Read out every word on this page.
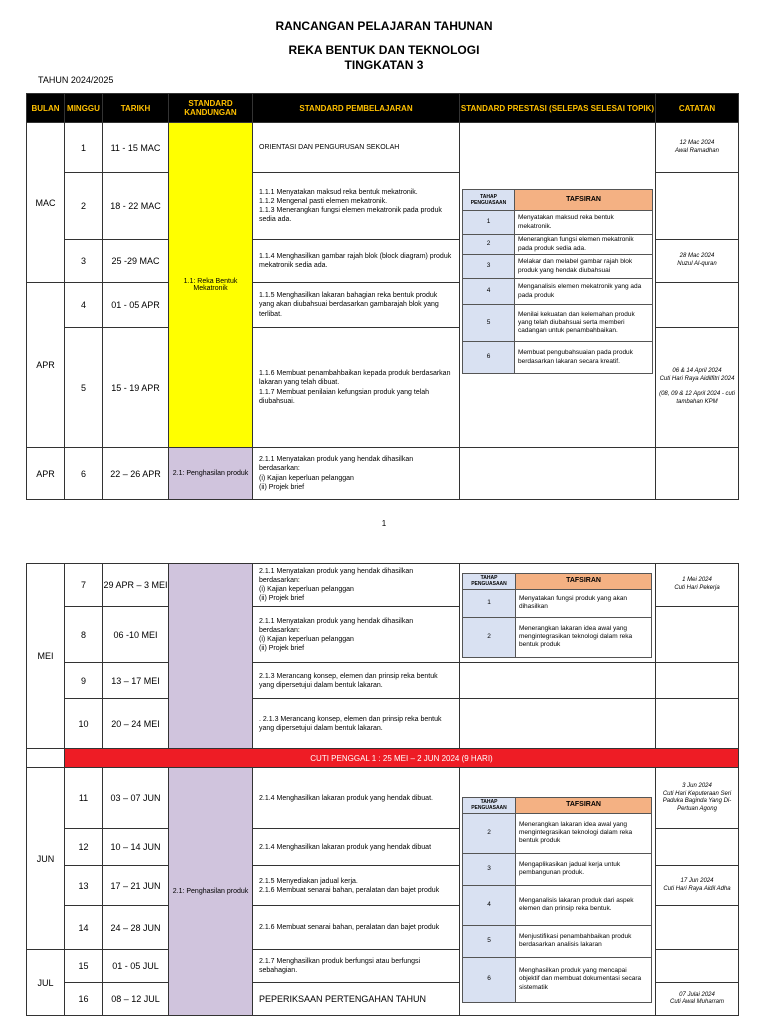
RANCANGAN PELAJARAN TAHUNAN
REKA BENTUK DAN TEKNOLOGI
TINGKATAN 3
TAHUN 2024/2025
BULAN	MINGGU	TARIKH	STANDARD KANDUNGAN	STANDARD PEMBELAJARAN	STANDARD PRESTASI (SELEPAS SELESAI TOPIK)	CATATAN
MAC	1	11 - 15 MAC	1.1: Reka Bentuk Mekatronik	ORIENTASI DAN PENGURUSAN SEKOLAH		12 Mac 2024
Awal Ramadhan
	2	18 - 22 MAC		1.1.1 Menyatakan maksud reka bentuk mekatronik.
1.1.2 Mengenal pasti elemen mekatronik.
1.1.3 Menerangkan fungsi elemen mekatronik pada produk sedia ada.		
	3	25 -29 MAC		1.1.4 Menghasilkan gambar rajah blok (block diagram) produk mekatronik sedia ada.		28 Mac 2024
Nuzul Al-quran
APR	4	01 - 05 APR		1.1.5 Menghasilkan lakaran bahagian reka bentuk produk yang akan diubahsuai berdasarkan gambarajah blok yang terlibat.		
	5	15 - 19 APR		1.1.6 Membuat penambahbaikan kepada produk berdasarkan lakaran yang telah dibuat.
1.1.7 Membuat penilaian kefungsian produk yang telah diubahsuai.		06 & 14 April 2024
Cuti Hari Raya Aidilfitri 2024

(08, 09 & 12 April 2024 - cuti tambahan KPM
APR	6	22 – 26 APR	2.1: Penghasilan produk	2.1.1 Menyatakan produk yang hendak dihasilkan berdasarkan:
(i) Kajian keperluan pelanggan
(ii) Projek brief		
TAHAP PENGUASAAN	TAFSIRAN
1	Menyatakan maksud reka bentuk mekatronik.
2	Menerangkan fungsi elemen mekatronik pada produk sedia ada.
3	Melakar dan melabel gambar rajah blok produk yang hendak diubahsuai
4	Menganalisis elemen mekatronik yang ada pada produk
5	Menilai kekuatan dan kelemahan produk yang telah diubahsuai serta memberi cadangan untuk penambahbaikan.
6	Membuat pengubahsuaian pada produk berdasarkan lakaran secara kreatif.
1
MEI	7	29 APR – 3 MEI		2.1.1 Menyatakan produk yang hendak dihasilkan berdasarkan:
(i) Kajian keperluan pelanggan
(ii) Projek brief		1 Mei 2024
Cuti Hari Pekerja
	8	06 -10 MEI		2.1.1 Menyatakan produk yang hendak dihasilkan berdasarkan:
(i) Kajian keperluan pelanggan
(ii) Projek brief		
	9	13 – 17 MEI		2.1.3 Merancang konsep, elemen dan prinsip reka bentuk yang dipersetujui dalam bentuk lakaran.		
	10	20 – 24 MEI		. 2.1.3 Merancang konsep, elemen dan prinsip reka bentuk yang dipersetujui dalam bentuk lakaran.		
	CUTI PENGGAL 1 : 25 MEI – 2 JUN 2024 (9 HARI)					
JUN	11	03 – 07 JUN	2.1: Penghasilan produk	2.1.4 Menghasilkan lakaran produk yang hendak dibuat.		3 Jun 2024
Cuti Hari Keputeraan Seri Paduka Baginda Yang Di-Pertuan Agong
	12	10 – 14 JUN		2.1.4 Menghasilkan lakaran produk yang hendak dibuat		
	13	17 – 21 JUN		2.1.5 Menyediakan jadual kerja.
2.1.6 Membuat senarai bahan, peralatan dan bajet produk		17 Jun 2024
Cuti Hari Raya Aidil Adha
	14	24 – 28 JUN		2.1.6 Membuat senarai bahan, peralatan dan bajet produk		
JUL	15	01 - 05 JUL		2.1.7 Menghasilkan produk berfungsi atau berfungsi sebahagian.		
	16	08 – 12 JUL		PEPERIKSAAN PERTENGAHAN TAHUN		07 Julai 2024
Cuti Awal Muharram
TAHAP PENGUASAAN	TAFSIRAN
1	Menyatakan fungsi produk yang akan dihasilkan
2	Menerangkan lakaran idea awal yang mengintegrasikan teknologi dalam reka bentuk produk
TAHAP PENGUASAAN	TAFSIRAN
2	Menerangkan lakaran idea awal yang mengintegrasikan teknologi dalam reka bentuk produk
3	Mengaplikasikan jadual kerja untuk pembangunan produk.
4	Menganalisis lakaran produk dari aspek elemen dan prinsip reka bentuk.
5	Menjustifikasi penambahbaikan produk berdasarkan analisis lakaran
6	Menghasilkan produk yang mencapai objektif dan membuat dokumentasi secara sistematik
